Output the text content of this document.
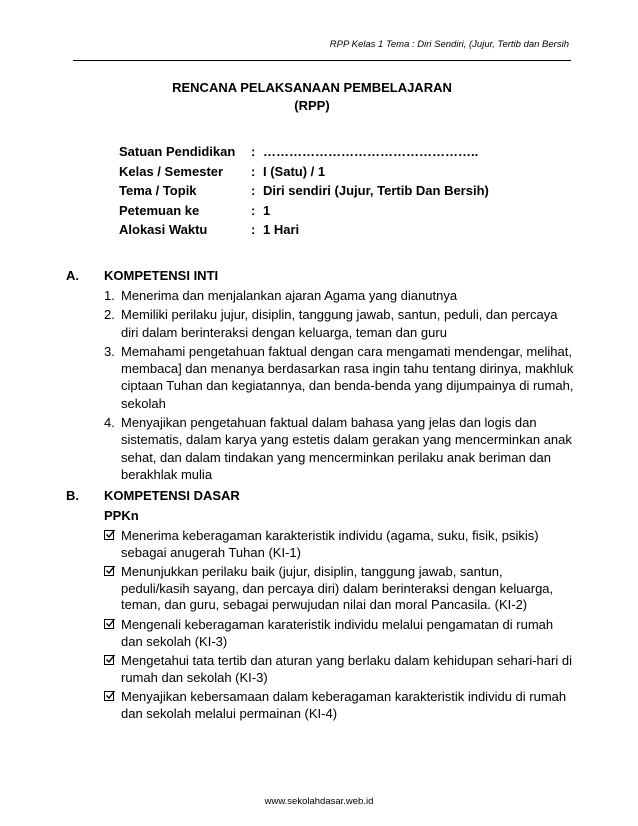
RPP Kelas 1 Tema : Diri Sendiri, (Jujur, Tertib dan Bersih
RENCANA PELAKSANAAN PEMBELAJARAN
(RPP)
Satuan Pendidikan : …………………………………………..
Kelas / Semester : I (Satu) / 1
Tema / Topik	: Diri sendiri (Jujur, Tertib Dan Bersih)
Petemuan ke	: 1
Alokasi Waktu	: 1 Hari
A. KOMPETENSI INTI
1. Menerima dan menjalankan ajaran Agama yang dianutnya
2. Memiliki perilaku jujur, disiplin, tanggung jawab, santun, peduli, dan percaya diri dalam berinteraksi dengan keluarga, teman dan guru
3. Memahami pengetahuan faktual dengan cara mengamati mendengar, melihat, membaca] dan menanya berdasarkan rasa ingin tahu tentang dirinya, makhluk ciptaan Tuhan dan kegiatannya, dan benda-benda yang dijumpainya di rumah, sekolah
4. Menyajikan pengetahuan faktual dalam bahasa yang jelas dan logis dan sistematis, dalam karya yang estetis dalam gerakan yang mencerminkan anak sehat, dan dalam tindakan yang mencerminkan perilaku anak beriman dan berakhlak mulia
B. KOMPETENSI DASAR
PPKn
Menerima keberagaman karakteristik individu (agama, suku, fisik, psikis) sebagai anugerah Tuhan (KI-1)
Menunjukkan perilaku baik (jujur, disiplin, tanggung jawab, santun, peduli/kasih sayang, dan percaya diri) dalam berinteraksi dengan keluarga, teman, dan guru, sebagai perwujudan nilai dan moral Pancasila. (KI-2)
Mengenali keberagaman karateristik individu melalui pengamatan di rumah dan sekolah (KI-3)
Mengetahui tata tertib dan aturan yang berlaku dalam kehidupan sehari-hari di rumah dan sekolah (KI-3)
Menyajikan kebersamaan dalam keberagaman karakteristik individu di rumah dan sekolah melalui permainan (KI-4)
www.sekolahdasar.web.id
